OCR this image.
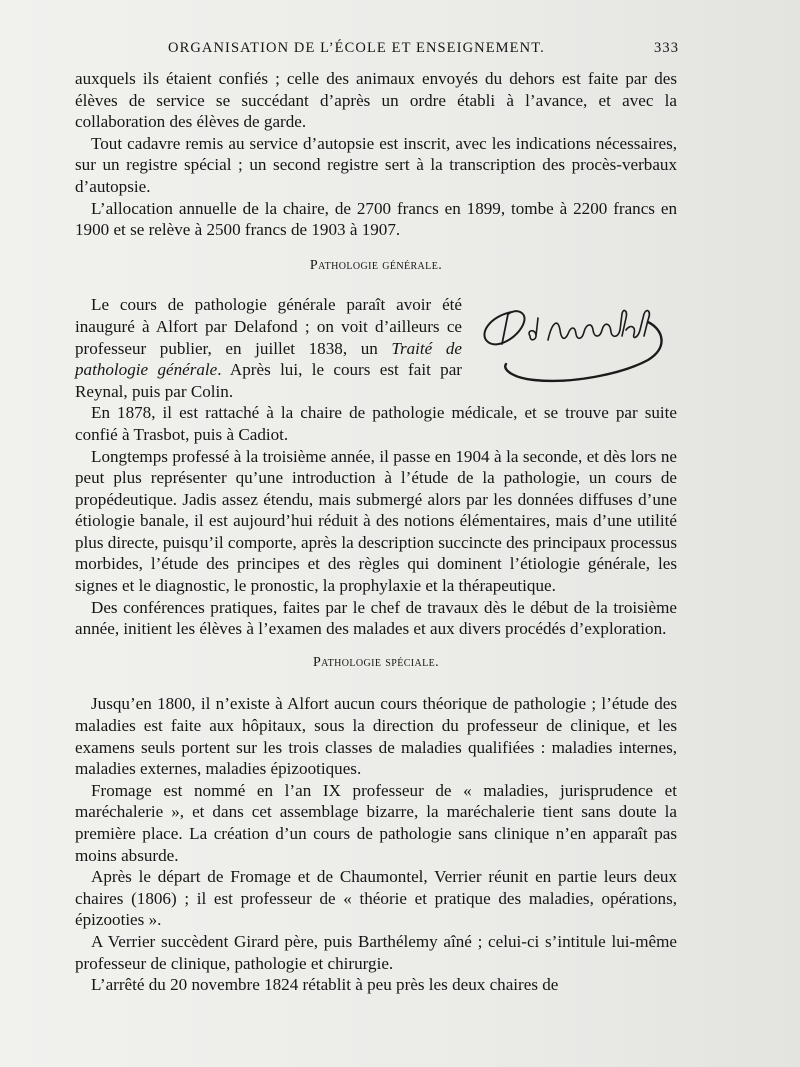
ORGANISATION DE L’ÉCOLE ET ENSEIGNEMENT.	333

auxquels ils étaient confiés ; celle des animaux envoyés du dehors est faite par des élèves de service se succédant d’après un ordre établi à l’avance, et avec la collaboration des élèves de garde.

Tout cadavre remis au service d’autopsie est inscrit, avec les indications nécessaires, sur un registre spécial ; un second registre sert à la transcription des procès-verbaux d’autopsie.

L’allocation annuelle de la chaire, de 2700 francs en 1899, tombe à 2200 francs en 1900 et se relève à 2500 francs de 1903 à 1907.

Pathologie générale.

Le cours de pathologie générale paraît avoir été inauguré à Alfort par Delafond ; on voit d’ailleurs ce professeur publier, en juillet 1838, un Traité de pathologie générale. Après lui, le cours est fait par Reynal, puis par Colin.

En 1878, il est rattaché à la chaire de pathologie médicale, et se trouve par suite confié à Trasbot, puis à Cadiot.

Longtemps professé à la troisième année, il passe en 1904 à la seconde, et dès lors ne peut plus représenter qu’une introduction à l’étude de la pathologie, un cours de propédeutique. Jadis assez étendu, mais submergé alors par les données diffuses d’une étiologie banale, il est aujourd’hui réduit à des notions élémentaires, mais d’une utilité plus directe, puisqu’il comporte, après la description succincte des principaux processus morbides, l’étude des principes et des règles qui dominent l’étiologie générale, les signes et le diagnostic, le pronostic, la prophylaxie et la thérapeutique.

Des conférences pratiques, faites par le chef de travaux dès le début de la troisième année, initient les élèves à l’examen des malades et aux divers procédés d’exploration.

Pathologie spéciale.

Jusqu’en 1800, il n’existe à Alfort aucun cours théorique de pathologie ; l’étude des maladies est faite aux hôpitaux, sous la direction du professeur de clinique, et les examens seuls portent sur les trois classes de maladies qualifiées : maladies internes, maladies externes, maladies épizootiques.

Fromage est nommé en l’an IX professeur de « maladies, jurisprudence et maréchalerie », et dans cet assemblage bizarre, la maréchalerie tient sans doute la première place. La création d’un cours de pathologie sans clinique n’en apparaît pas moins absurde.

Après le départ de Fromage et de Chaumontel, Verrier réunit en partie leurs deux chaires (1806) ; il est professeur de « théorie et pratique des maladies, opérations, épizooties ».

A Verrier succèdent Girard père, puis Barthélemy aîné ; celui-ci s’intitule lui-même professeur de clinique, pathologie et chirurgie.

L’arrêté du 20 novembre 1824 rétablit à peu près les deux chaires de
